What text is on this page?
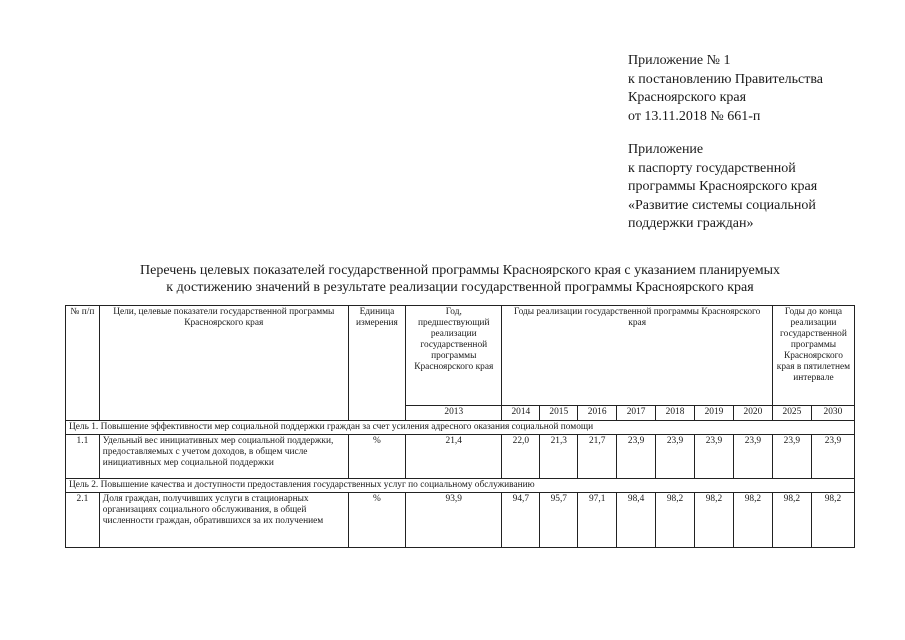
Приложение № 1
к постановлению Правительства
Красноярского края
от 13.11.2018 № 661-п
Приложение
к паспорту государственной
программы Красноярского края
«Развитие системы социальной
поддержки граждан»
Перечень целевых показателей государственной программы Красноярского края с указанием планируемых
к достижению значений в результате реализации государственной программы Красноярского края
№ п/п	Цели, целевые показатели государственной программы Красноярского края	Единица измерения	Год, предшествующий реализации государственной программы Красноярского края	Годы реализации государственной программы Красноярского края							Годы до конца реализации государственной программы Красноярского края в пятилетнем интервале	
			2013	2014	2015	2016	2017	2018	2019	2020	2025	2030
Цель 1. Повышение эффективности мер социальной поддержки граждан за счет усиления адресного оказания социальной помощи												
1.1	Удельный вес инициативных мер социальной поддержки, предоставляемых с учетом доходов, в общем числе инициативных мер социальной поддержки	%	21,4	22,0	21,3	21,7	23,9	23,9	23,9	23,9	23,9	23,9
Цель 2. Повышение качества и доступности предоставления государственных услуг по социальному обслуживанию												
2.1	Доля граждан, получивших услуги в стационарных организациях социального обслуживания, в общей численности граждан, обратившихся за их получением	%	93,9	94,7	95,7	97,1	98,4	98,2	98,2	98,2	98,2	98,2
